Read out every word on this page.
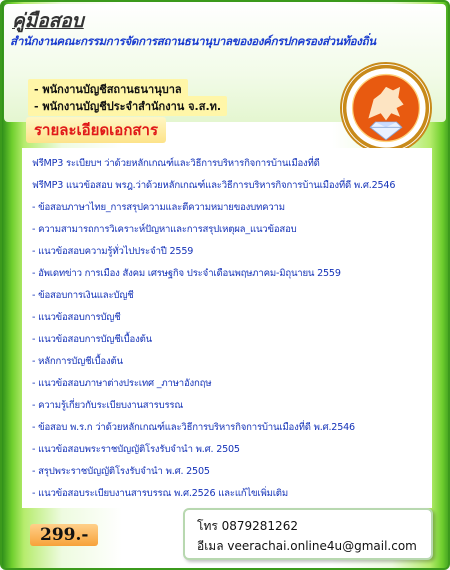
คู่มือสอบ
สำนักงานคณะกรรมการจัดการสถานธนานุบาลขององค์กรปกครองส่วนท้องถิ่น
- พนักงานบัญชีสถานธนานุบาล
- พนักงานบัญชีประจำสำนักงาน จ.ส.ท.
รายละเอียดเอกสาร
ฟรีMP3 ระเบียบฯ ว่าด้วยหลักเกณฑ์และวิธีการบริหารกิจการบ้านเมืองที่ดี
ฟรีMP3 แนวข้อสอบ พรฎ.ว่าด้วยหลักเกณฑ์และวิธีการบริหารกิจการบ้านเมืองที่ดี พ.ศ.2546
- ข้อสอบภาษาไทย_การสรุปความและตีความหมายของบทความ
- ความสามารถการวิเคราะห์ปัญหาและการสรุปเหตุผล_แนวข้อสอบ
- แนวข้อสอบความรู้ทั่วไปประจำปี 2559
- อัพเดทข่าว การเมือง สังคม เศรษฐกิจ ประจำเดือนพฤษภาคม-มิถุนายน 2559
- ข้อสอบการเงินและบัญชี
- แนวข้อสอบการบัญชี
- แนวข้อสอบการบัญชีเบื้องต้น
- หลักการบัญชีเบื้องต้น
- แนวข้อสอบภาษาต่างประเทศ _ภาษาอังกฤษ
- ความรู้เกี่ยวกับระเบียบงานสารบรรณ
- ข้อสอบ พ.ร.ก ว่าด้วยหลักเกณฑ์และวิธีการบริหารกิจการบ้านเมืองที่ดี พ.ศ.2546
- แนวข้อสอบพระราชบัญญัติโรงรับจำนำ พ.ศ. 2505
- สรุปพระราชบัญญัติโรงรับจำนำ พ.ศ. 2505
- แนวข้อสอบระเบียบงานสารบรรณ พ.ศ.2526 และแก้ไขเพิ่มเติม
299.-	โทร 0879281262
อีเมล veerachai.online4u@gmail.com
